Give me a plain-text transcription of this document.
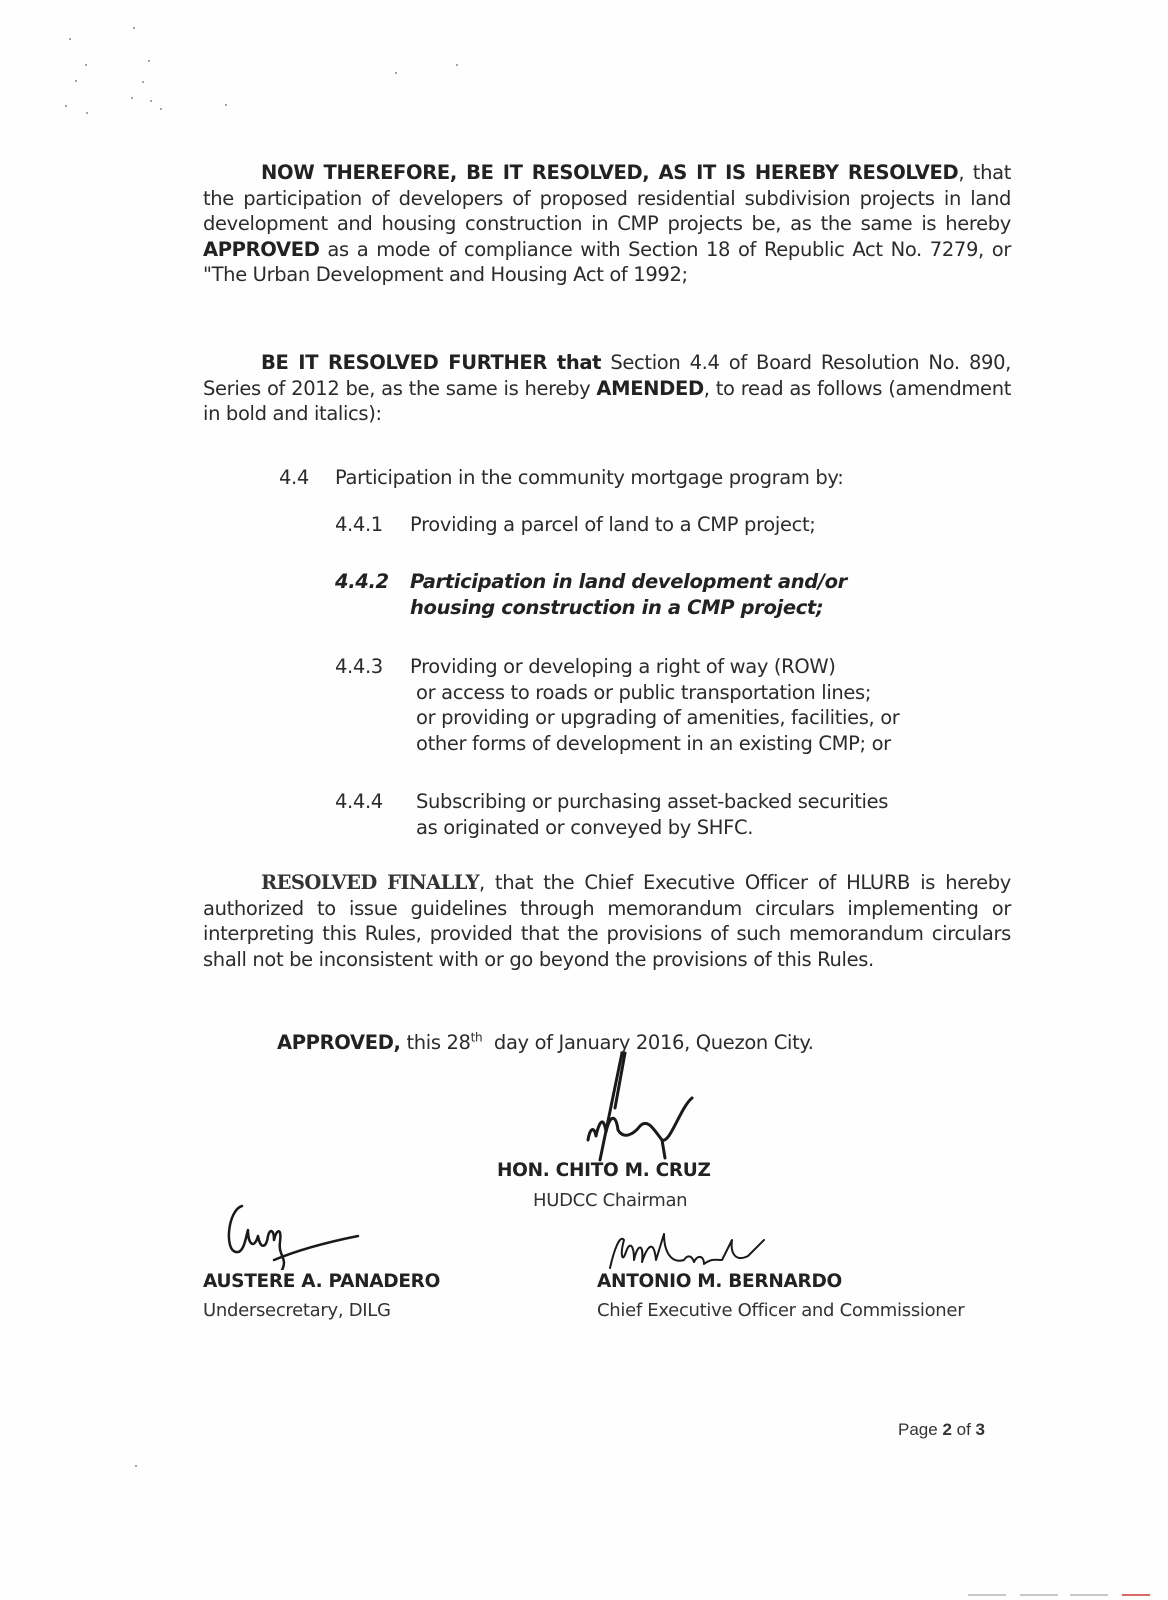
NOW THEREFORE, BE IT RESOLVED, AS IT IS HEREBY RESOLVED, that the participation of developers of proposed residential subdivision projects in land development and housing construction in CMP projects be, as the same is hereby APPROVED as a mode of compliance with Section 18 of Republic Act No. 7279, or "The Urban Development and Housing Act of 1992;
BE IT RESOLVED FURTHER that Section 4.4 of Board Resolution No. 890, Series of 2012 be, as the same is hereby AMENDED, to read as follows (amendment in bold and italics):
4.4 Participation in the community mortgage program by:
4.4.1 Providing a parcel of land to a CMP project;
4.4.2 Participation in land development and/or
housing construction in a CMP project;
4.4.3 Providing or developing a right of way (ROW)
or access to roads or public transportation lines;
or providing or upgrading of amenities, facilities, or
other forms of development in an existing CMP; or
4.4.4 Subscribing or purchasing asset-backed securities
as originated or conveyed by SHFC.
RESOLVED FINALLY, that the Chief Executive Officer of HLURB is hereby authorized to issue guidelines through memorandum circulars implementing or interpreting this Rules, provided that the provisions of such memorandum circulars shall not be inconsistent with or go beyond the provisions of this Rules.
APPROVED, this 28th  day of January 2016, Quezon City.
HON. CHITO M. CRUZ
HUDCC Chairman
AUSTERE A. PANADERO
Undersecretary, DILG
ANTONIO M. BERNARDO
Chief Executive Officer and Commissioner
Page 2 of 3
